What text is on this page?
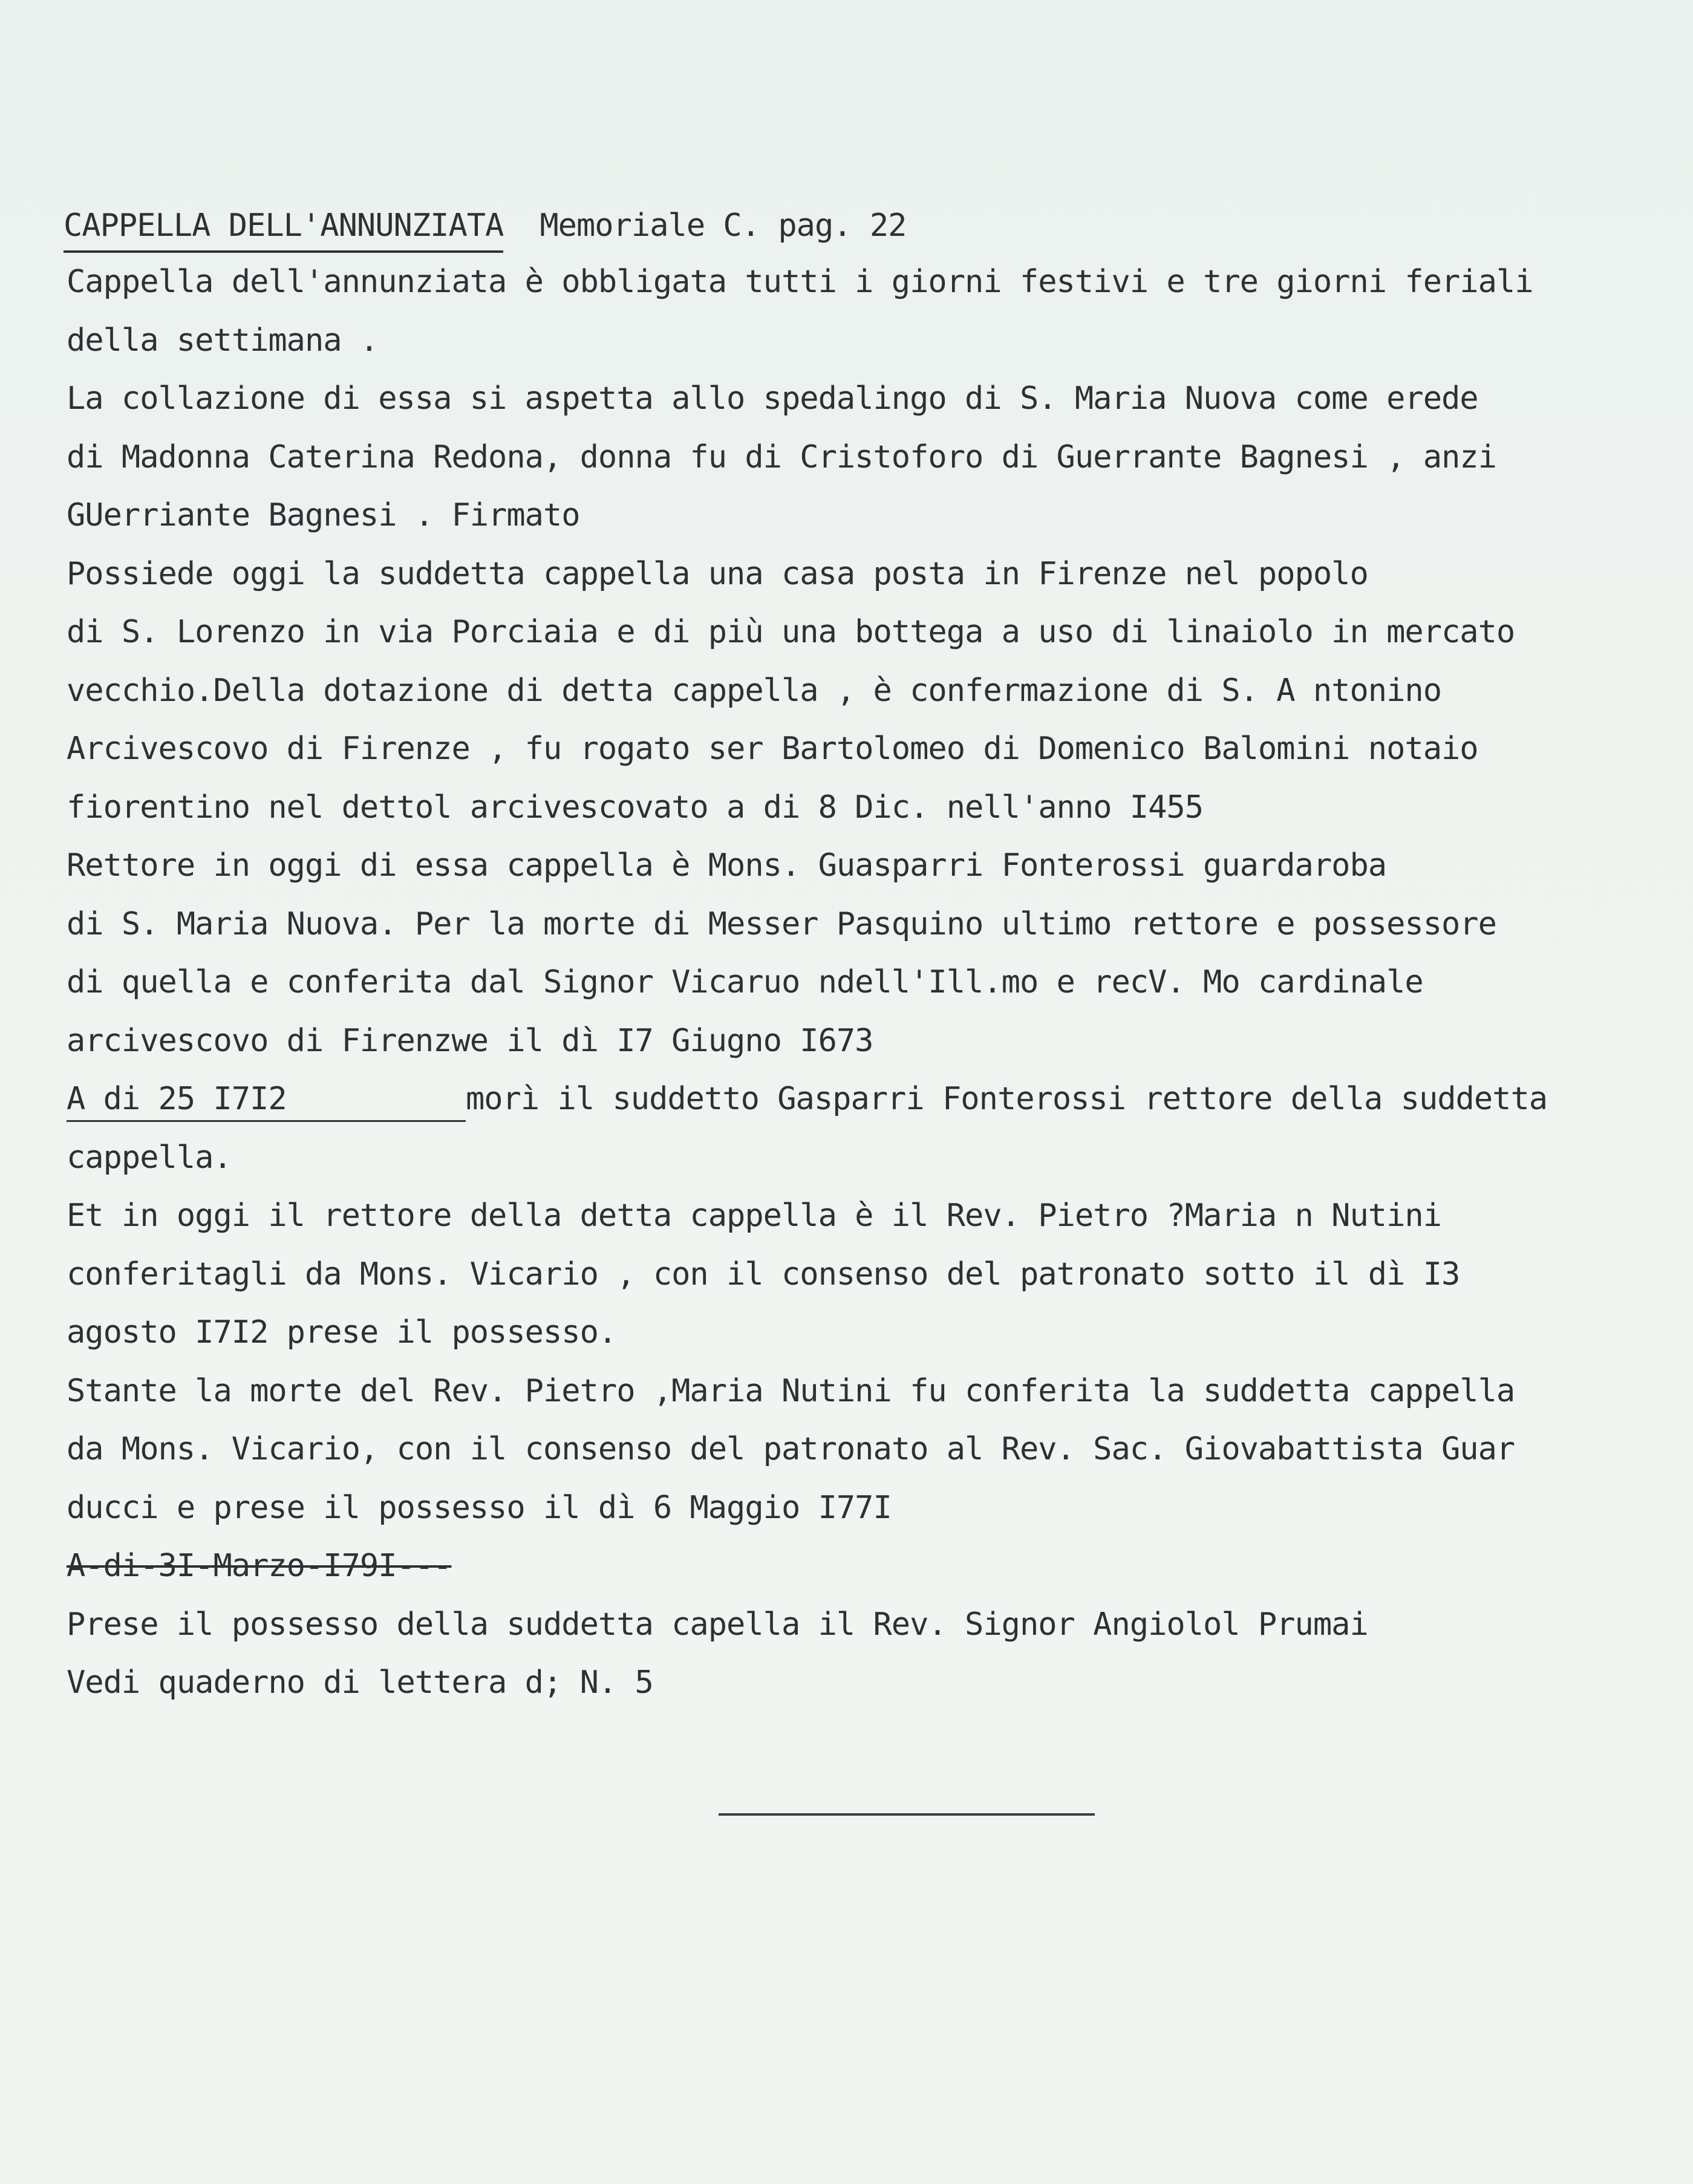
CAPPELLA DELL'ANNUNZIATA Memoriale C. pag. 22
Cappella dell'annunziata è obbligata tutti i giorni festivi e tre giorni feriali
della settimana .
La collazione di essa si aspetta allo spedalingo di S. Maria Nuova come erede
di Madonna Caterina Redona, donna fu di Cristoforo di Guerrante Bagnesi , anzi
GUerriante Bagnesi . Firmato
Possiede oggi la suddetta cappella una casa posta in Firenze nel popolo
di S. Lorenzo in via Porciaia e di più una bottega a uso di linaiolo in mercato
vecchio.Della dotazione di detta cappella , è confermazione di S. A ntonino
Arcivescovo di Firenze , fu rogato ser Bartolomeo di Domenico Balomini notaio
fiorentino nel dettol arcivescovato a di 8 Dic. nell'anno I455
Rettore in oggi di essa cappella è Mons. Guasparri Fonterossi guardaroba
di S. Maria Nuova. Per la morte di Messer Pasquino ultimo rettore e possessore
di quella e conferita dal Signor Vicaruo ndell'Ill.mo e recV. Mo cardinale
arcivescovo di Firenzwe il dì I7 Giugno I673
A di 25 I7I2	morì il suddetto Gasparri Fonterossi rettore della suddetta
cappella.
Et in oggi il rettore della detta cappella è il Rev. Pietro ?Maria n Nutini
conferitagli da Mons. Vicario , con il consenso del patronato sotto il dì I3
agosto I7I2 prese il possesso.
Stante la morte del Rev. Pietro ,Maria Nutini fu conferita la suddetta cappella
da Mons. Vicario, con il consenso del patronato al Rev. Sac. Giovabattista Guar
ducci e prese il possesso il dì 6 Maggio I77I
A-di-3I-Marzo-I79I---
Prese il possesso della suddetta capella il Rev. Signor Angiolol Prumai
Vedi quaderno di lettera d; N. 5
